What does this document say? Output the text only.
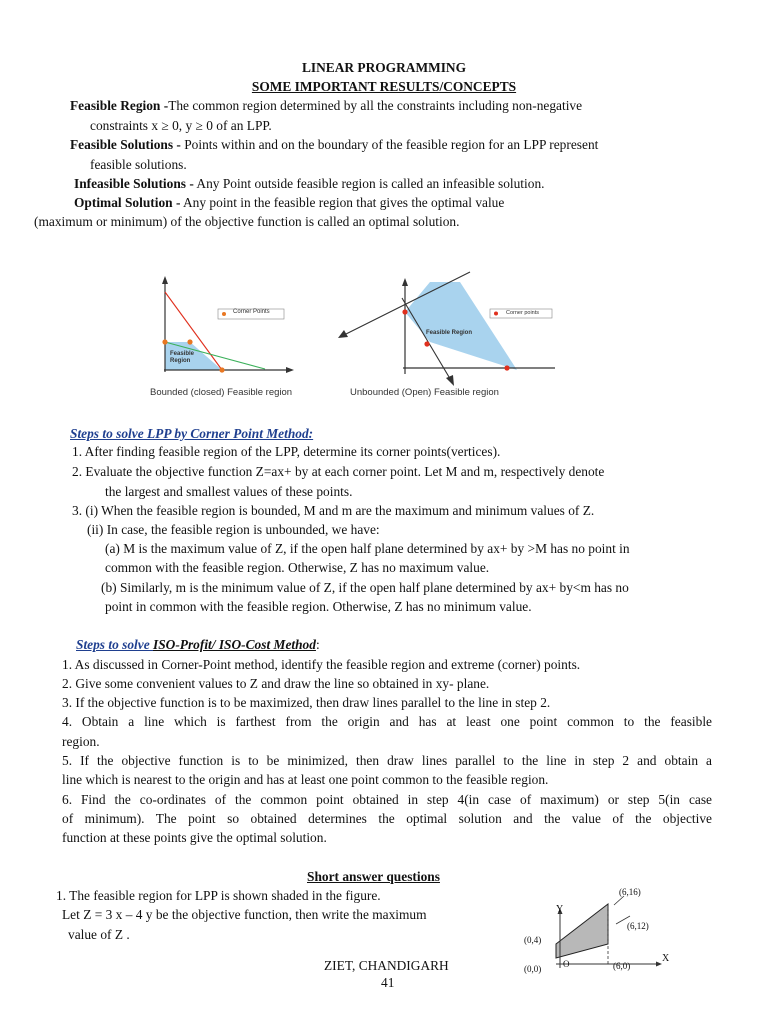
LINEAR PROGRAMMING
SOME IMPORTANT RESULTS/CONCEPTS
Feasible Region -The common region determined by all the constraints including non-negative
constraints x ≥ 0, y ≥ 0 of an LPP.
Feasible Solutions - Points within and on the boundary of the feasible region for an LPP represent
feasible solutions.
Infeasible Solutions - Any Point outside feasible region is called an infeasible solution.
Optimal Solution - Any point in the feasible region that gives the optimal value
(maximum or minimum) of the objective function is called an optimal solution.
Corner Points
Feasible Region
Bounded (closed) Feasible region
Corner points
Feasible Region
Unbounded (Open) Feasible region
Steps to solve LPP by Corner Point Method:
1. After finding feasible region of the LPP, determine its corner points(vertices).
2. Evaluate the objective function Z=ax+ by at each corner point. Let M and m, respectively denote
the largest and smallest values of these points.
3. (i) When the feasible region is bounded, M and m are the maximum and minimum values of Z.
(ii) In case, the feasible region is unbounded, we have:
(a) M is the maximum value of Z, if the open half plane determined by ax+ by >M has no point in
common with the feasible region. Otherwise, Z has no maximum value.
(b) Similarly, m is the minimum value of Z, if the open half plane determined by ax+ by<m has no
point in common with the feasible region. Otherwise, Z has no minimum value.
Steps to solve ISO-Profit/ ISO-Cost Method:
1. As discussed in Corner-Point method, identify the feasible region and extreme (corner) points.
2. Give some convenient values to Z and draw the line so obtained in xy- plane.
3. If the objective function is to be maximized, then draw lines parallel to the line in step 2.
4. Obtain a line which is farthest from the origin and has at least one point common to the feasible
region.
5. If the objective function is to be minimized, then draw lines parallel to the line in step 2 and obtain a
line which is nearest to the origin and has at least one point common to the feasible region.
6. Find the co-ordinates of the common point obtained in step 4(in case of maximum) or step 5(in case
of minimum). The point so obtained determines the optimal solution and the value of the objective
function at these points give the optimal solution.
Short answer questions
1. The feasible region for LPP is shown shaded in the figure.
Let Z = 3 x – 4 y be the objective function, then write the maximum
value of Z .
(6,16)
(6,12)
(0,4)
(0,0)	(6,0)
O	X
Y
ZIET, CHANDIGARH
41
